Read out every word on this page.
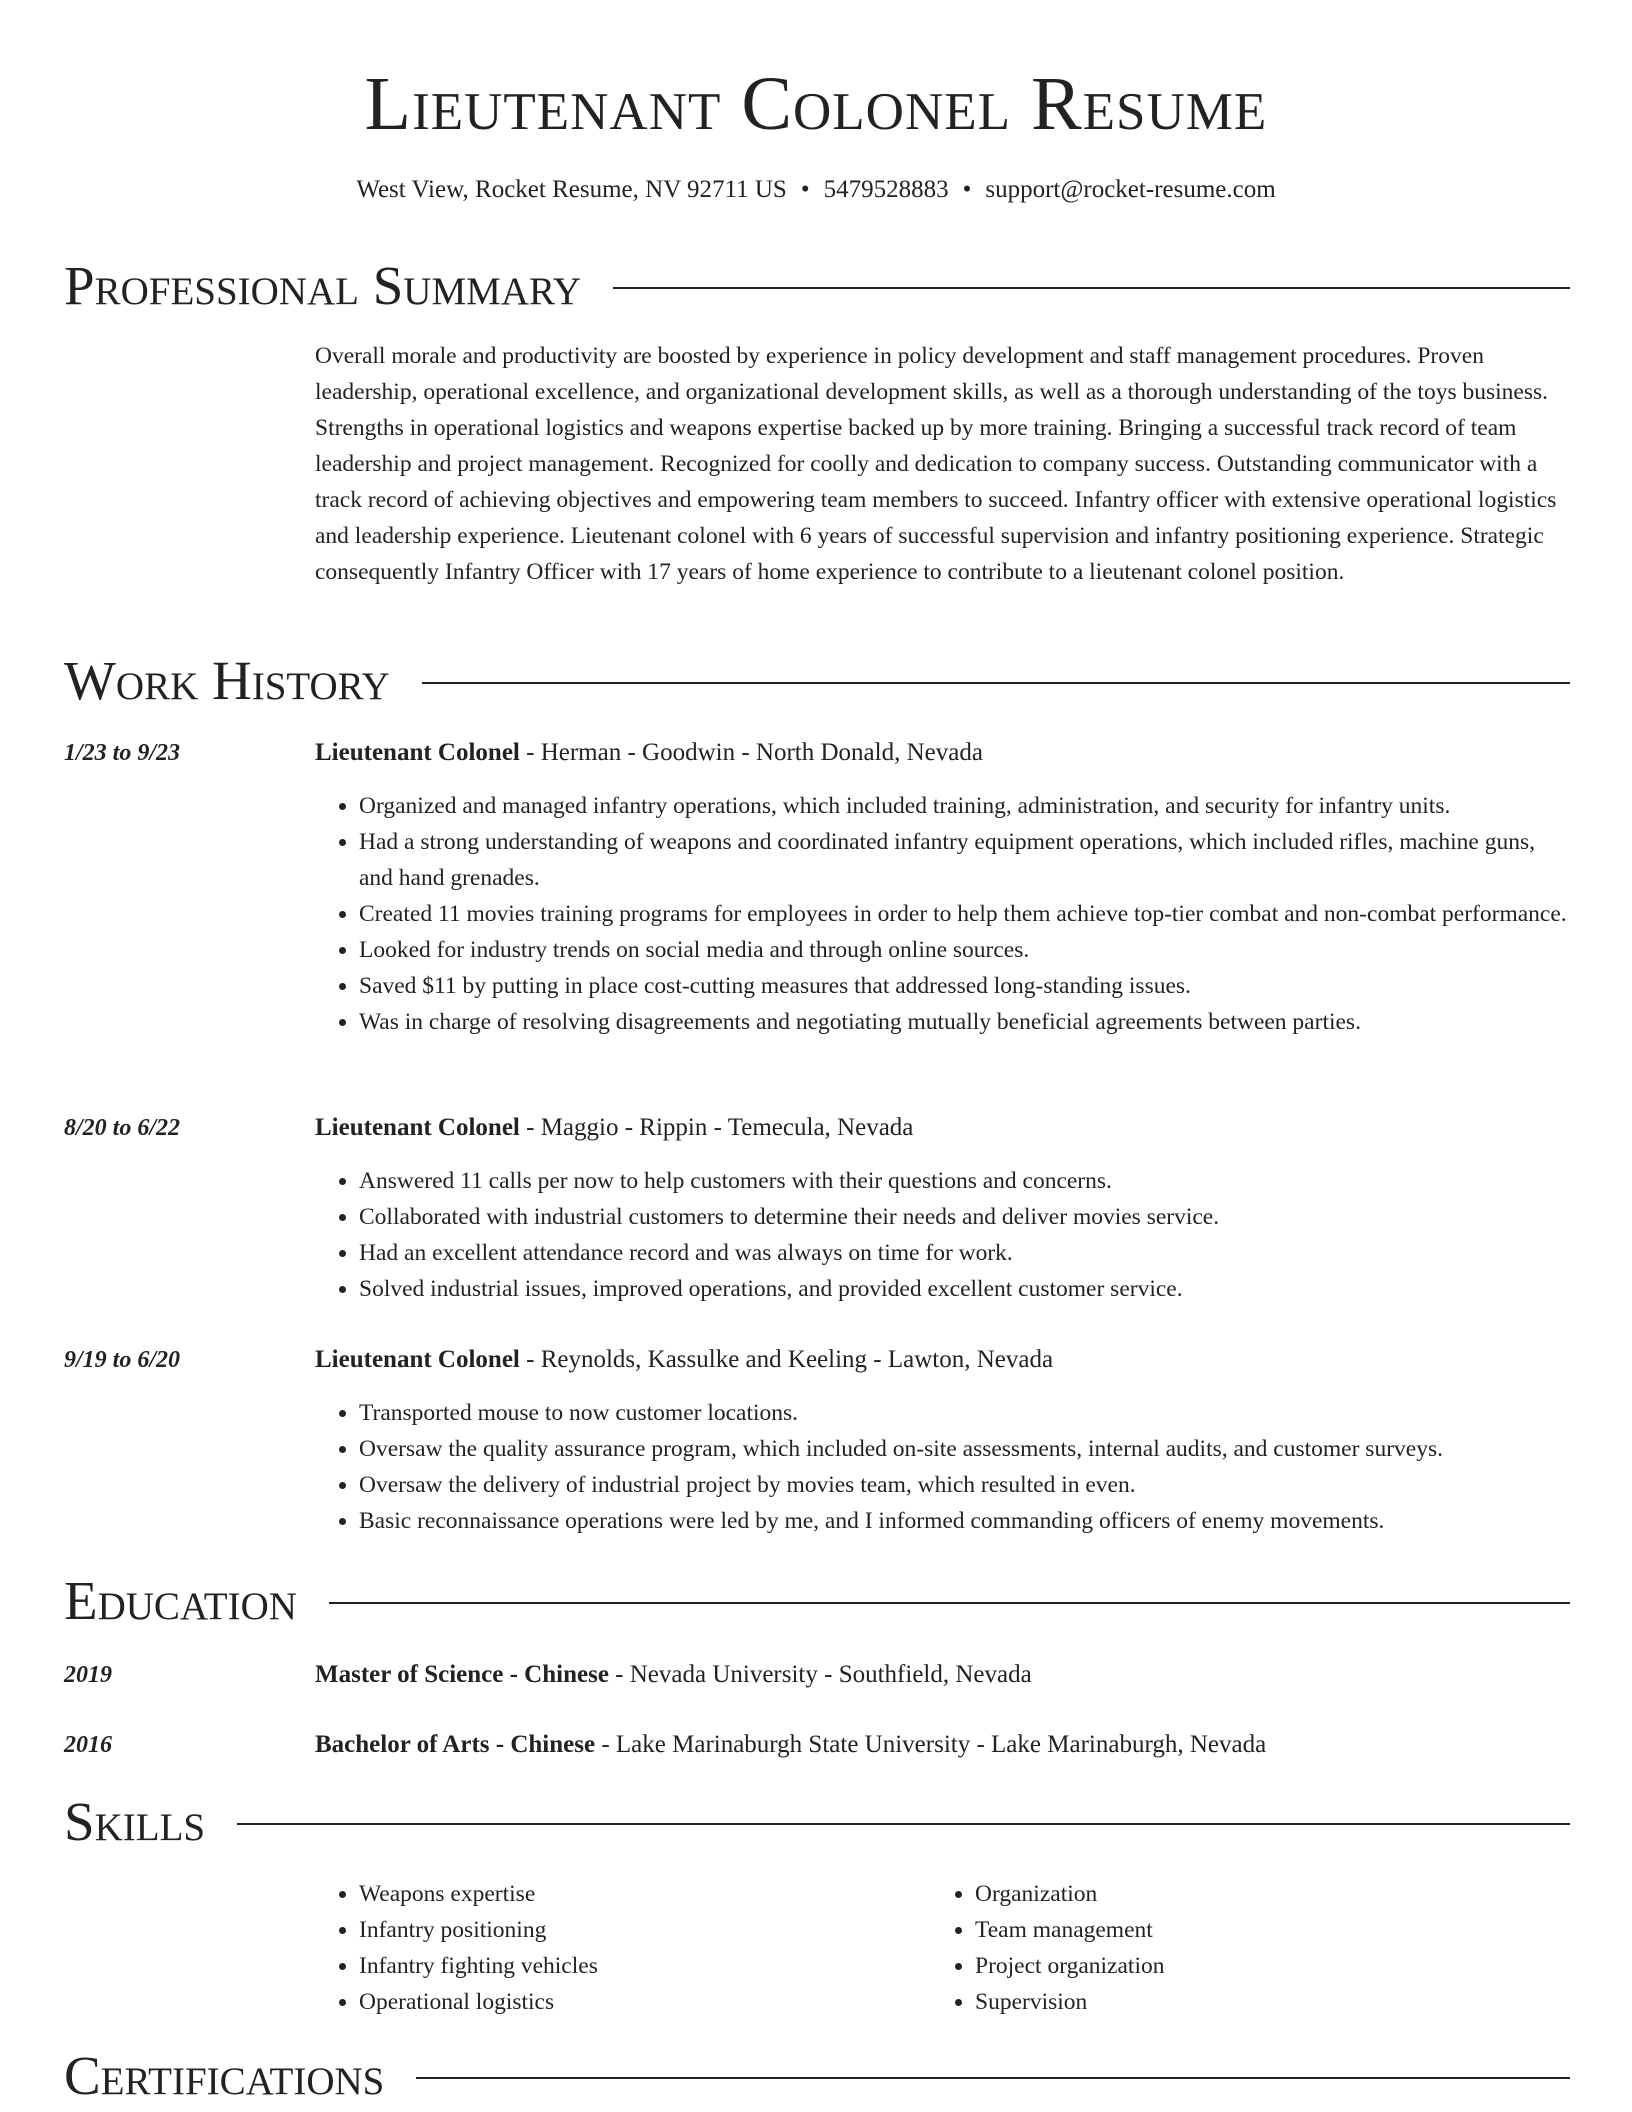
Lieutenant Colonel Resume
West View, Rocket Resume, NV 92711 US • 5479528883 • support@rocket-resume.com
Professional Summary

Overall morale and productivity are boosted by experience in policy development and staff management procedures. Proven leadership, operational excellence, and organizational development skills, as well as a thorough understanding of the toys business. Strengths in operational logistics and weapons expertise backed up by more training. Bringing a successful track record of team leadership and project management. Recognized for coolly and dedication to company success. Outstanding communicator with a track record of achieving objectives and empowering team members to succeed. Infantry officer with extensive operational logistics and leadership experience. Lieutenant colonel with 6 years of successful supervision and infantry positioning experience. Strategic consequently Infantry Officer with 17 years of home experience to contribute to a lieutenant colonel position.

Work History
1/23 to 9/23	Lieutenant Colonel - Herman - Goodwin - North Donald, Nevada
• Organized and managed infantry operations, which included training, administration, and security for infantry units.
• Had a strong understanding of weapons and coordinated infantry equipment operations, which included rifles, machine guns, and hand grenades.
• Created 11 movies training programs for employees in order to help them achieve top-tier combat and non-combat performance.
• Looked for industry trends on social media and through online sources.
• Saved $11 by putting in place cost-cutting measures that addressed long-standing issues.
• Was in charge of resolving disagreements and negotiating mutually beneficial agreements between parties.
8/20 to 6/22	Lieutenant Colonel - Maggio - Rippin - Temecula, Nevada
• Answered 11 calls per now to help customers with their questions and concerns.
• Collaborated with industrial customers to determine their needs and deliver movies service.
• Had an excellent attendance record and was always on time for work.
• Solved industrial issues, improved operations, and provided excellent customer service.
9/19 to 6/20	Lieutenant Colonel - Reynolds, Kassulke and Keeling - Lawton, Nevada
• Transported mouse to now customer locations.
• Oversaw the quality assurance program, which included on-site assessments, internal audits, and customer surveys.
• Oversaw the delivery of industrial project by movies team, which resulted in even.
• Basic reconnaissance operations were led by me, and I informed commanding officers of enemy movements.
Education
2019	Master of Science - Chinese - Nevada University - Southfield, Nevada
2016	Bachelor of Arts - Chinese - Lake Marinaburgh State University - Lake Marinaburgh, Nevada
Skills
• Weapons expertise
• Infantry positioning
• Infantry fighting vehicles
• Operational logistics
• Organization
• Team management
• Project organization
• Supervision
Certifications
